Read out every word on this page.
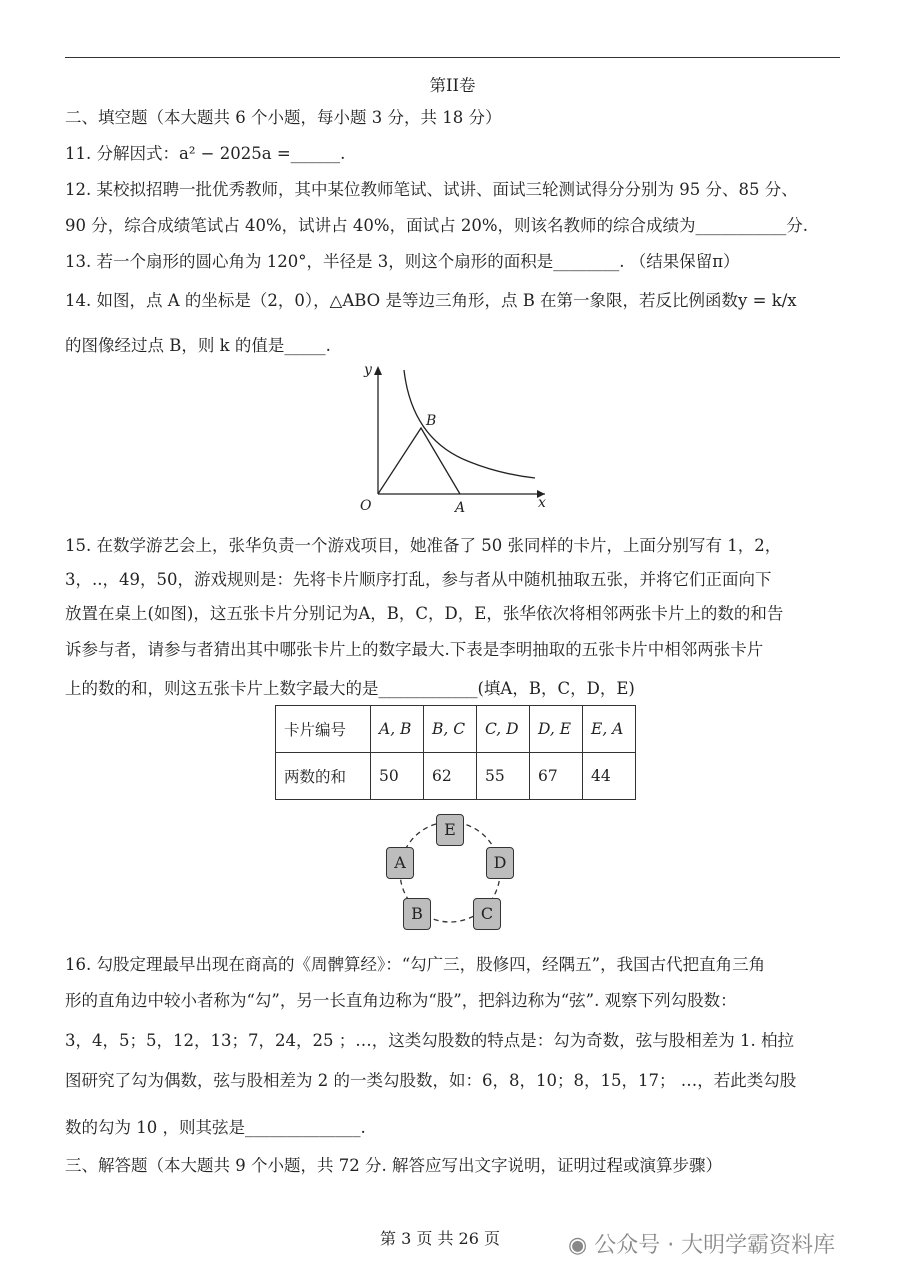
第II卷
二、填空题（本大题共 6 个小题，每小题 3 分，共 18 分）
11. 分解因式：a² − 2025a =______.
12. 某校拟招聘一批优秀教师，其中某位教师笔试、试讲、面试三轮测试得分分别为 95 分、85 分、
90 分，综合成绩笔试占 40%，试讲占 40%，面试占 20%，则该名教师的综合成绩为___________分.
13. 若一个扇形的圆心角为 120°，半径是 3，则这个扇形的面积是________. （结果保留π）
14. 如图，点 A 的坐标是（2，0），△ABO 是等边三角形，点 B 在第一象限，若反比例函数y = k/x
的图像经过点 B，则 k 的值是_____.
y
x
O	A
B
15. 在数学游艺会上，张华负责一个游戏项目，她准备了 50 张同样的卡片，上面分别写有 1，2，
3，..，49，50，游戏规则是：先将卡片顺序打乱，参与者从中随机抽取五张，并将它们正面向下
放置在桌上(如图)，这五张卡片分别记为A，B，C，D，E，张华依次将相邻两张卡片上的数的和告
诉参与者，请参与者猜出其中哪张卡片上的数字最大.下表是李明抽取的五张卡片中相邻两张卡片
上的数的和，则这五张卡片上数字最大的是____________(填A，B，C，D，E)
卡片编号	A, B	B, C	C, D	D, E	E, A
两数的和	50	62	55	67	44
A
B	C
D
E
16. 勾股定理最早出现在商高的《周髀算经》：“勾广三，股修四，经隅五”，我国古代把直角三角
形的直角边中较小者称为“勾”，另一长直角边称为“股”，把斜边称为“弦”. 观察下列勾股数：
3，4，5；5，12，13；7，24，25 ；…，这类勾股数的特点是：勾为奇数，弦与股相差为 1. 柏拉
图研究了勾为偶数，弦与股相差为 2 的一类勾股数，如：6，8，10；8，15，17； …，若此类勾股
数的勾为 10 ，则其弦是______________.
三、解答题（本大题共 9 个小题，共 72 分. 解答应写出文字说明，证明过程或演算步骤）
第 3 页 共 26 页	◉ 公众号 · 大明学霸资料库
